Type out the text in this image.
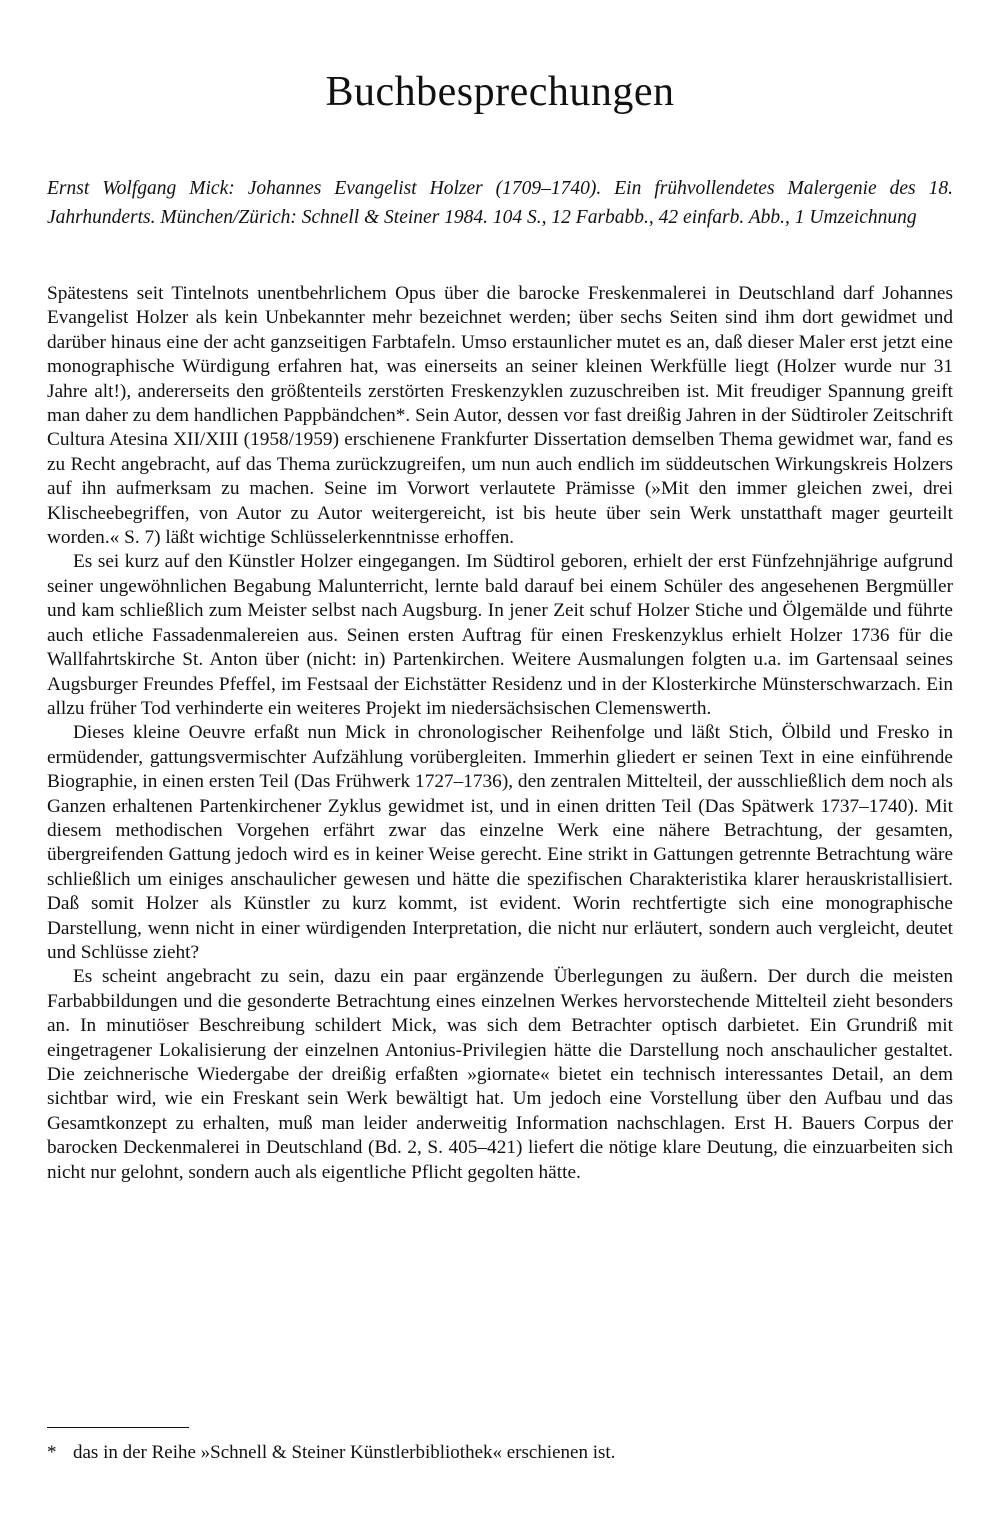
Buchbesprechungen

Ernst Wolfgang Mick: Johannes Evangelist Holzer (1709–1740). Ein frühvollendetes Malergenie des 18. Jahrhunderts. München/Zürich: Schnell & Steiner 1984. 104 S., 12 Farbabb., 42 einfarb. Abb., 1 Umzeichnung

Spätestens seit Tintelnots unentbehrlichem Opus über die barocke Freskenmalerei in Deutschland darf Johannes Evangelist Holzer als kein Unbekannter mehr bezeichnet werden; über sechs Seiten sind ihm dort gewidmet und darüber hinaus eine der acht ganzseitigen Farbtafeln. Umso erstaunlicher mutet es an, daß dieser Maler erst jetzt eine monographische Würdigung erfahren hat, was einerseits an seiner kleinen Werkfülle liegt (Holzer wurde nur 31 Jahre alt!), andererseits den größtenteils zerstörten Freskenzyklen zuzuschreiben ist. Mit freudiger Spannung greift man daher zu dem handlichen Pappbändchen*. Sein Autor, dessen vor fast dreißig Jahren in der Südtiroler Zeitschrift Cultura Atesina XII/XIII (1958/1959) erschienene Frankfurter Dissertation demselben Thema gewidmet war, fand es zu Recht angebracht, auf das Thema zurückzugreifen, um nun auch endlich im süddeutschen Wirkungskreis Holzers auf ihn aufmerksam zu machen. Seine im Vorwort verlautete Prämisse (»Mit den immer gleichen zwei, drei Klischeebegriffen, von Autor zu Autor weitergereicht, ist bis heute über sein Werk unstatthaft mager geurteilt worden.« S. 7) läßt wichtige Schlüsselerkenntnisse erhoffen.

Es sei kurz auf den Künstler Holzer eingegangen. Im Südtirol geboren, erhielt der erst Fünfzehnjährige aufgrund seiner ungewöhnlichen Begabung Malunterricht, lernte bald darauf bei einem Schüler des angesehenen Bergmüller und kam schließlich zum Meister selbst nach Augsburg. In jener Zeit schuf Holzer Stiche und Ölgemälde und führte auch etliche Fassadenmalereien aus. Seinen ersten Auftrag für einen Freskenzyklus erhielt Holzer 1736 für die Wallfahrtskirche St. Anton über (nicht: in) Partenkirchen. Weitere Ausmalungen folgten u.a. im Gartensaal seines Augsburger Freundes Pfeffel, im Festsaal der Eichstätter Residenz und in der Klosterkirche Münsterschwarzach. Ein allzu früher Tod verhinderte ein weiteres Projekt im niedersächsischen Clemenswerth.

Dieses kleine Oeuvre erfaßt nun Mick in chronologischer Reihenfolge und läßt Stich, Ölbild und Fresko in ermüdender, gattungsvermischter Aufzählung vorübergleiten. Immerhin gliedert er seinen Text in eine einführende Biographie, in einen ersten Teil (Das Frühwerk 1727–1736), den zentralen Mittelteil, der ausschließlich dem noch als Ganzen erhaltenen Partenkirchener Zyklus gewidmet ist, und in einen dritten Teil (Das Spätwerk 1737–1740). Mit diesem methodischen Vorgehen erfährt zwar das einzelne Werk eine nähere Betrachtung, der gesamten, übergreifenden Gattung jedoch wird es in keiner Weise gerecht. Eine strikt in Gattungen getrennte Betrachtung wäre schließlich um einiges anschaulicher gewesen und hätte die spezifischen Charakteristika klarer herauskristallisiert. Daß somit Holzer als Künstler zu kurz kommt, ist evident. Worin rechtfertigte sich eine monographische Darstellung, wenn nicht in einer würdigenden Interpretation, die nicht nur erläutert, sondern auch vergleicht, deutet und Schlüsse zieht?

Es scheint angebracht zu sein, dazu ein paar ergänzende Überlegungen zu äußern. Der durch die meisten Farbabbildungen und die gesonderte Betrachtung eines einzelnen Werkes hervorstechende Mittelteil zieht besonders an. In minutiöser Beschreibung schildert Mick, was sich dem Betrachter optisch darbietet. Ein Grundriß mit eingetragener Lokalisierung der einzelnen Antonius-Privilegien hätte die Darstellung noch anschaulicher gestaltet. Die zeichnerische Wiedergabe der dreißig erfaßten »giornate« bietet ein technisch interessantes Detail, an dem sichtbar wird, wie ein Freskant sein Werk bewältigt hat. Um jedoch eine Vorstellung über den Aufbau und das Gesamtkonzept zu erhalten, muß man leider anderweitig Information nachschlagen. Erst H. Bauers Corpus der barocken Deckenmalerei in Deutschland (Bd. 2, S. 405–421) liefert die nötige klare Deutung, die einzuarbeiten sich nicht nur gelohnt, sondern auch als eigentliche Pflicht gegolten hätte.

* das in der Reihe »Schnell & Steiner Künstlerbibliothek« erschienen ist.
